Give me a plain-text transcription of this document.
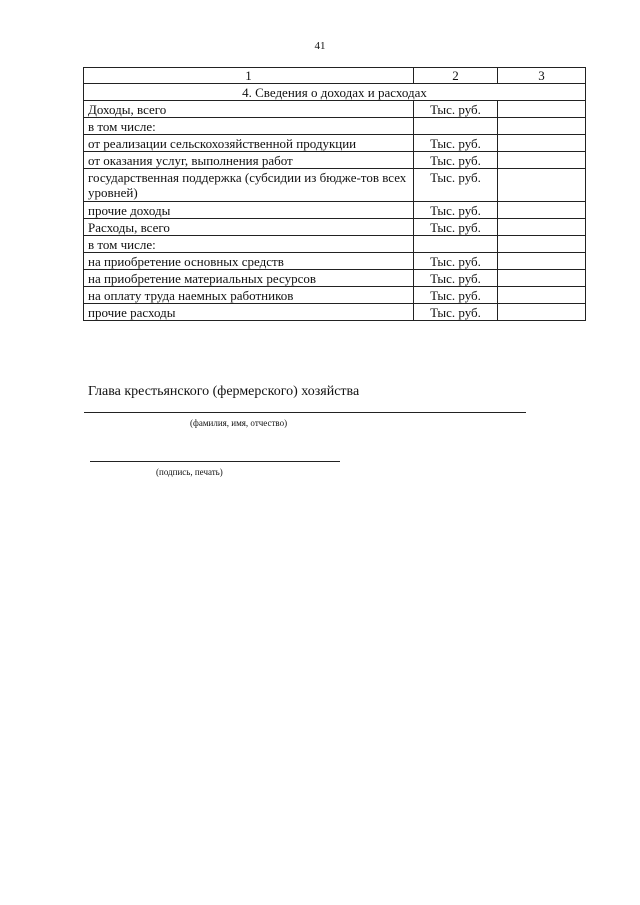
41
1	2	3
4. Сведения о доходах и расходах		
Доходы, всего	Тыс. руб.	
в том числе:		
от реализации сельскохозяйственной продукции	Тыс. руб.	
от оказания услуг, выполнения работ	Тыс. руб.	
государственная поддержка (субсидии из бюдже-тов всех уровней)	Тыс. руб.	
прочие доходы	Тыс. руб.	
Расходы, всего	Тыс. руб.	
в том числе:		
на приобретение основных средств	Тыс. руб.	
на приобретение материальных ресурсов	Тыс. руб.	
на оплату труда наемных работников	Тыс. руб.	
прочие расходы	Тыс. руб.	
Глава крестьянского (фермерского) хозяйства
(фамилия, имя, отчество)
(подпись, печать)
